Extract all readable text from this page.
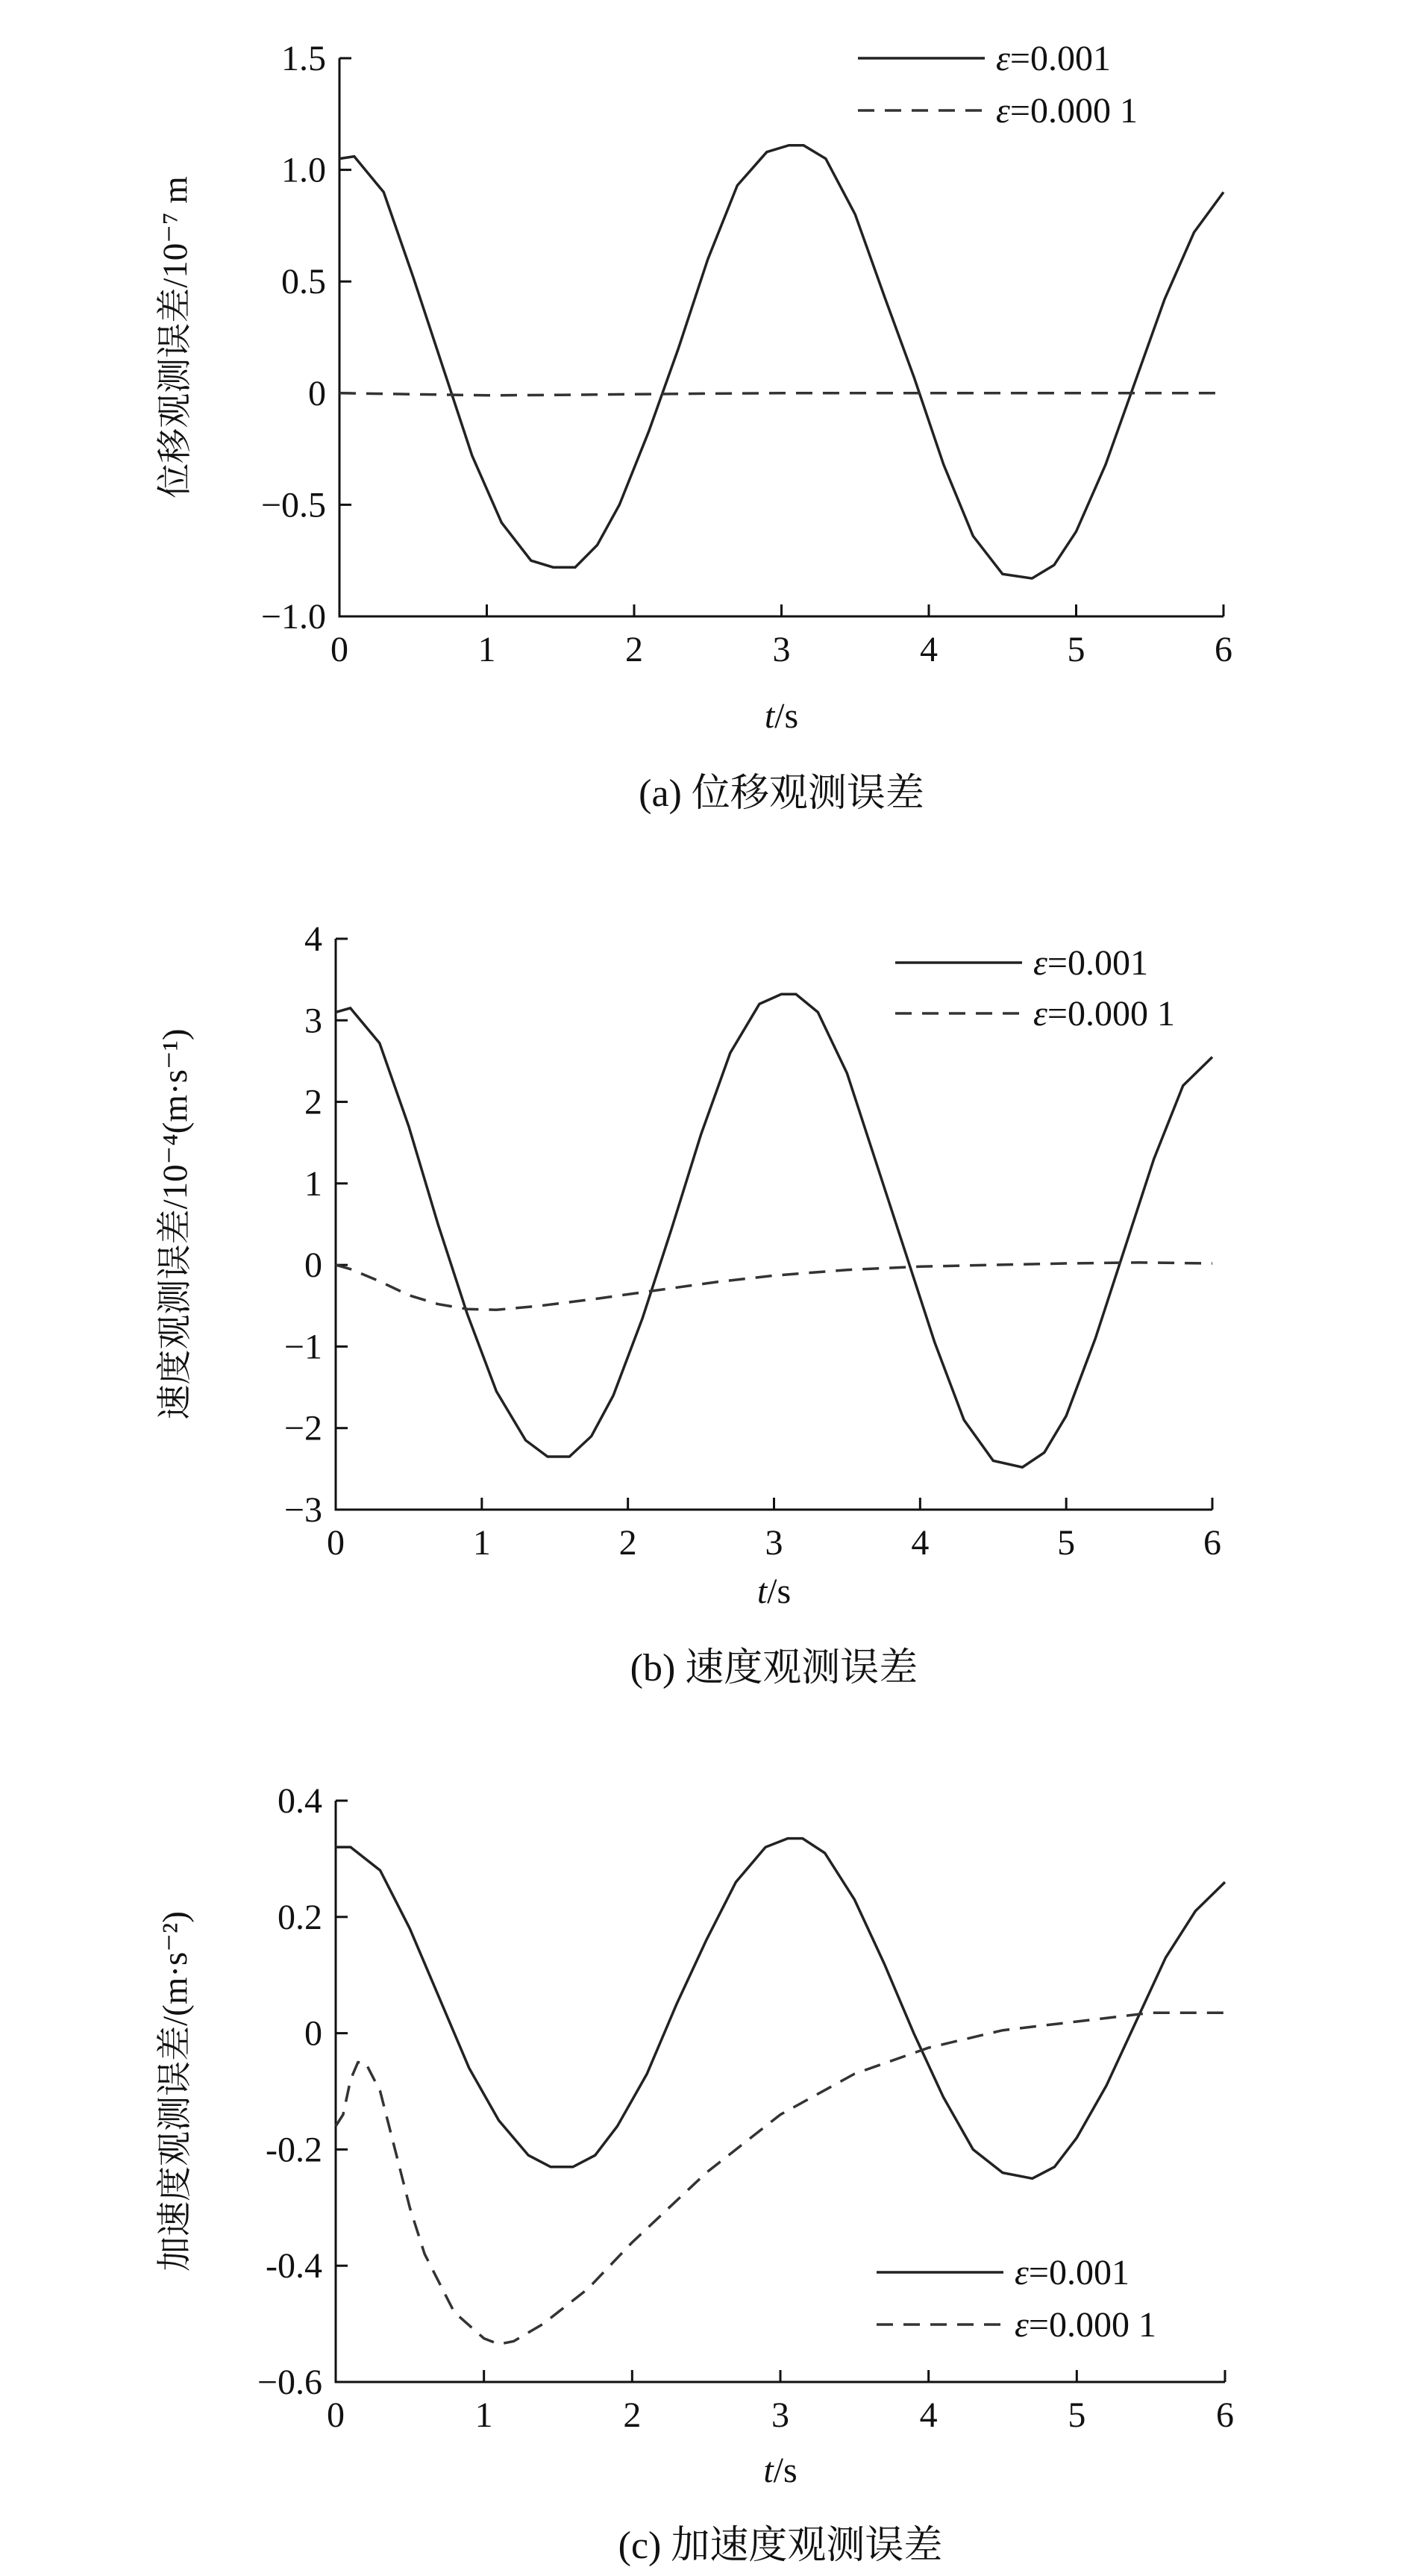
1.5
1.0
0.5
0
−0.5
−1.0
0	1	2	3	4	5	6
t/s
位移观测误差/10⁻⁷ m
(a) 位移观测误差
ε=0.001
ε=0.000 1
4
3
2
1
0
−1
−2
−3
0	1	2	3	4	5	6
t/s
速度观测误差/10⁻⁴(m·s⁻¹)
(b) 速度观测误差
ε=0.001
ε=0.000 1
0.4
0.2
0
-0.2
-0.4
−0.6
0	1	2	3	4	5	6
t/s
加速度观测误差/(m·s⁻²)
(c) 加速度观测误差
ε=0.001
ε=0.000 1
